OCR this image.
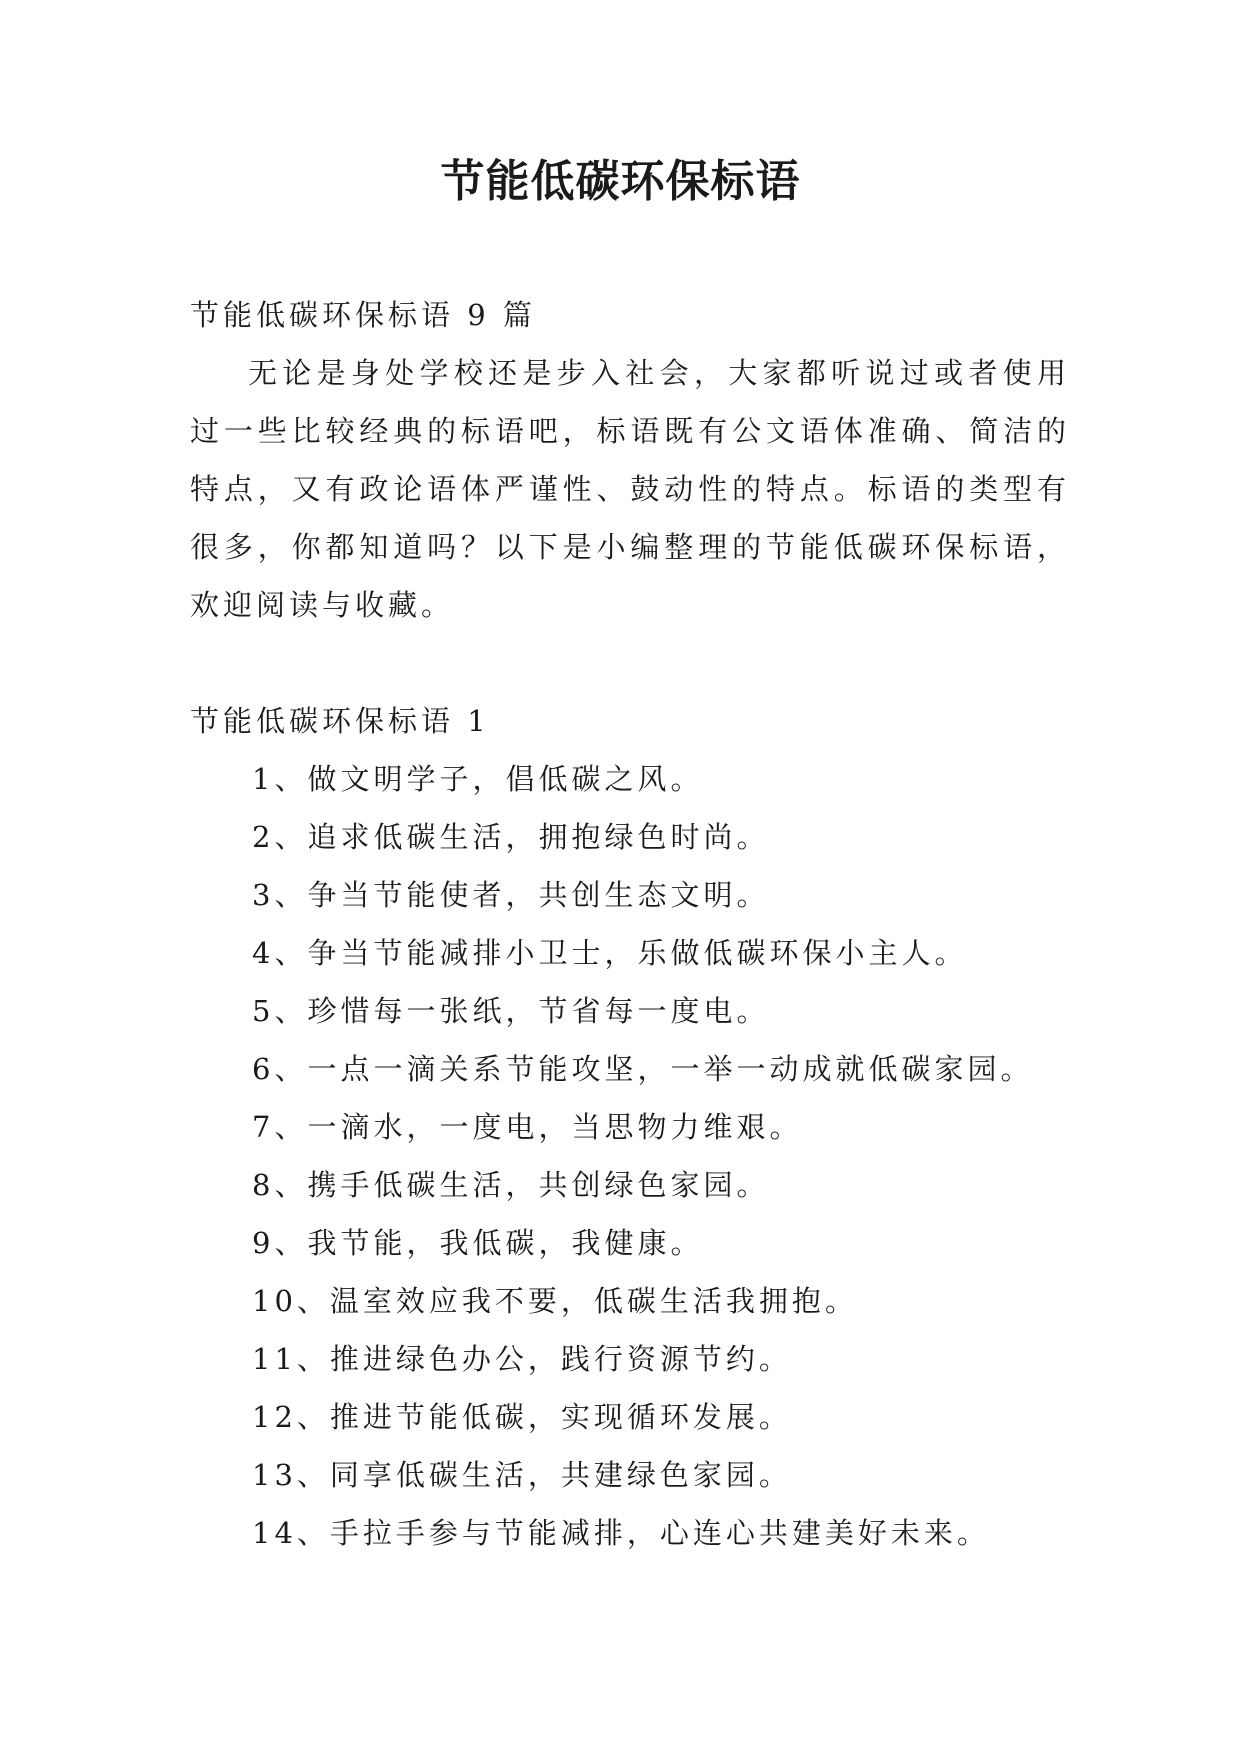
节能低碳环保标语

节能低碳环保标语 9 篇

无论是身处学校还是步入社会，大家都听说过或者使用过一些比较经典的标语吧，标语既有公文语体准确、简洁的特点，又有政论语体严谨性、鼓动性的特点。标语的类型有很多，你都知道吗？以下是小编整理的节能低碳环保标语，欢迎阅读与收藏。

节能低碳环保标语 1

1、做文明学子，倡低碳之风。
2、追求低碳生活，拥抱绿色时尚。
3、争当节能使者，共创生态文明。
4、争当节能减排小卫士，乐做低碳环保小主人。
5、珍惜每一张纸，节省每一度电。
6、一点一滴关系节能攻坚，一举一动成就低碳家园。
7、一滴水，一度电，当思物力维艰。
8、携手低碳生活，共创绿色家园。
9、我节能，我低碳，我健康。
10、温室效应我不要，低碳生活我拥抱。
11、推进绿色办公，践行资源节约。
12、推进节能低碳，实现循环发展。
13、同享低碳生活，共建绿色家园。
14、手拉手参与节能减排，心连心共建美好未来。
